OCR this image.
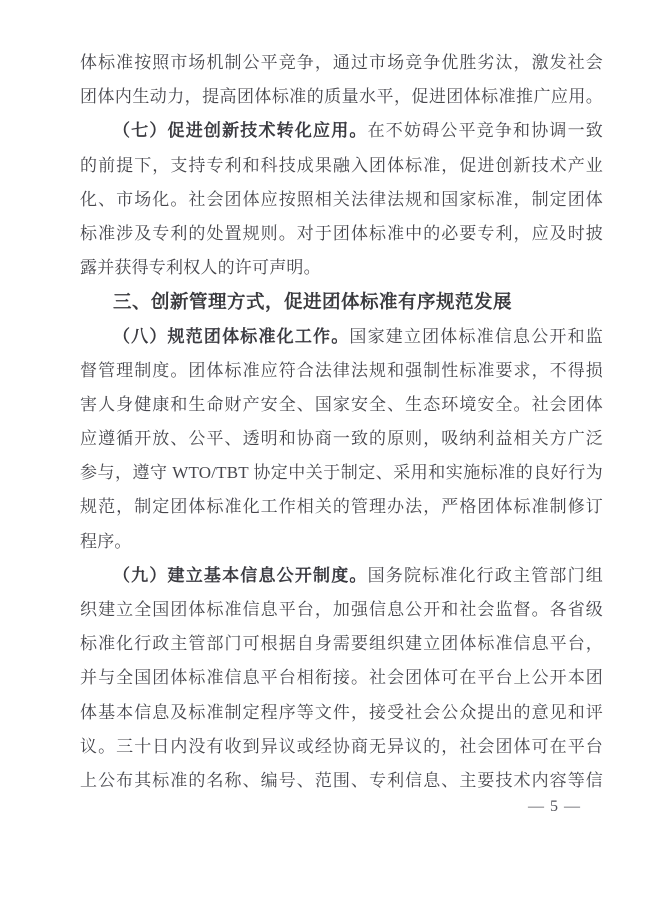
体标准按照市场机制公平竞争，通过市场竞争优胜劣汰，激发社会
团体内生动力，提高团体标准的质量水平，促进团体标准推广应用。
（七）促进创新技术转化应用。在不妨碍公平竞争和协调一致
的前提下，支持专利和科技成果融入团体标准，促进创新技术产业
化、市场化。社会团体应按照相关法律法规和国家标准，制定团体
标准涉及专利的处置规则。对于团体标准中的必要专利，应及时披
露并获得专利权人的许可声明。
三、创新管理方式，促进团体标准有序规范发展
（八）规范团体标准化工作。国家建立团体标准信息公开和监
督管理制度。团体标准应符合法律法规和强制性标准要求，不得损
害人身健康和生命财产安全、国家安全、生态环境安全。社会团体
应遵循开放、公平、透明和协商一致的原则，吸纳利益相关方广泛
参与，遵守 WTO/TBT 协定中关于制定、采用和实施标准的良好行为
规范，制定团体标准化工作相关的管理办法，严格团体标准制修订
程序。
（九）建立基本信息公开制度。国务院标准化行政主管部门组
织建立全国团体标准信息平台，加强信息公开和社会监督。各省级
标准化行政主管部门可根据自身需要组织建立团体标准信息平台，
并与全国团体标准信息平台相衔接。社会团体可在平台上公开本团
体基本信息及标准制定程序等文件，接受社会公众提出的意见和评
议。三十日内没有收到异议或经协商无异议的，社会团体可在平台
上公布其标准的名称、编号、范围、专利信息、主要技术内容等信
— 5 —
